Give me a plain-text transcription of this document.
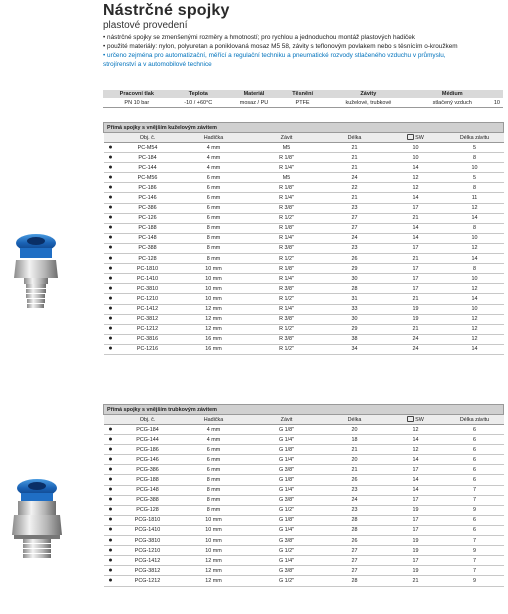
Nástrčné spojky
plastové provedení
• nástrčné spojky se zmenšenými rozměry a hmotností; pro rychlou a jednoduchou montáž plastových hadiček
• použité materiály: nylon, polyuretan a poniklovaná mosaz M5 58, závity s teflonovým povlakem nebo s těsnícím o-kroužkem
• určeno zejména pro automatizační, měřící a regulační techniku a pneumatické rozvody stlačeného vzduchu v průmyslu,
strojírenství a v automobilové technice
Pracovní tlak	Teplota	Materiál	Těsnění	Závity	Médium	
PN 10 bar	-10 / +60°C	mosaz / PU	PTFE	kuželové, trubkové	stlačený vzduch	10
Přímá spojky s vnějším kuželovým závitem						
	Obj. č.	Hadička	Závit	Délka	SW	Délka závitu
●	PC-M54	4 mm	M5	21	10	5
●	PC-184	4 mm	R 1/8"	21	10	8
●	PC-144	4 mm	R 1/4"	21	14	10
●	PC-M56	6 mm	M5	24	12	5
●	PC-186	6 mm	R 1/8"	22	12	8
●	PC-146	6 mm	R 1/4"	21	14	11
●	PC-386	6 mm	R 3/8"	23	17	12
●	PC-126	6 mm	R 1/2"	27	21	14
●	PC-188	8 mm	R 1/8"	27	14	8
●	PC-148	8 mm	R 1/4"	24	14	10
●	PC-388	8 mm	R 3/8"	23	17	12
●	PC-128	8 mm	R 1/2"	26	21	14
●	PC-1810	10 mm	R 1/8"	29	17	8
●	PC-1410	10 mm	R 1/4"	30	17	10
●	PC-3810	10 mm	R 3/8"	28	17	12
●	PC-1210	10 mm	R 1/2"	31	21	14
●	PC-1412	12 mm	R 1/4"	33	19	10
●	PC-3812	12 mm	R 3/8"	30	19	12
●	PC-1212	12 mm	R 1/2"	29	21	12
●	PC-3816	16 mm	R 3/8"	38	24	12
●	PC-1216	16 mm	R 1/2"	34	24	14
Přímá spojky s vnějším trubkovým závitem						
	Obj. č.	Hadička	Závit	Délka	SW	Délka závitu
●	PCG-184	4 mm	G 1/8"	20	12	6
●	PCG-144	4 mm	G 1/4"	18	14	6
●	PCG-186	6 mm	G 1/8"	21	12	6
●	PCG-146	6 mm	G 1/4"	20	14	6
●	PCG-386	6 mm	G 3/8"	21	17	6
●	PCG-188	8 mm	G 1/8"	26	14	6
●	PCG-148	8 mm	G 1/4"	23	14	7
●	PCG-388	8 mm	G 3/8"	24	17	7
●	PCG-128	8 mm	G 1/2"	23	19	9
●	PCG-1810	10 mm	G 1/8"	28	17	6
●	PCG-1410	10 mm	G 1/4"	28	17	6
●	PCG-3810	10 mm	G 3/8"	26	19	7
●	PCG-1210	10 mm	G 1/2"	27	19	9
●	PCG-1412	12 mm	G 1/4"	27	17	7
●	PCG-3812	12 mm	G 3/8"	27	19	7
●	PCG-1212	12 mm	G 1/2"	28	21	9
